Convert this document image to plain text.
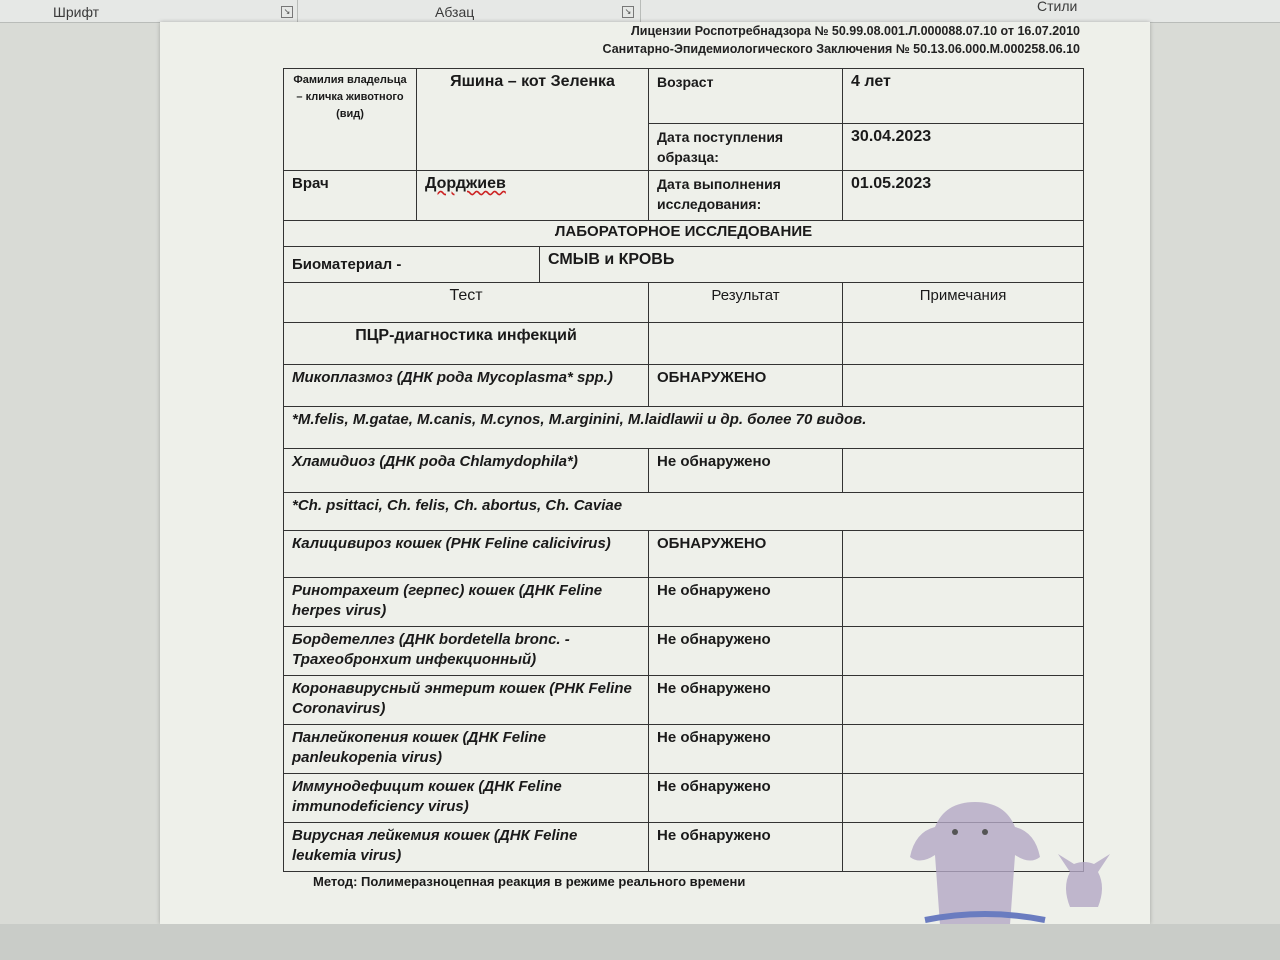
Шрифт	↘	Абзац	↘	Стили
Лицензии Роспотребнадзора № 50.99.08.001.Л.000088.07.10 от 16.07.2010
Санитарно-Эпидемиологического Заключения № 50.13.06.000.М.000258.06.10
Фамилия владельца – кличка животного (вид)	Яшина – кот Зеленка		Возраст	4 лет
			Дата поступления образца:	30.04.2023
Врач	Дорджиев		Дата выполнения исследования:	01.05.2023
ЛАБОРАТОРНОЕ ИССЛЕДОВАНИЕ				
Биоматериал -		СМЫВ и КРОВЬ		
Тест			Результат	Примечания
ПЦР-диагностика инфекций				
Микоплазмоз (ДНК рода Mycoplasma* spp.)			ОБНАРУЖЕНО	
*M.felis, M.gatae, M.canis, M.cynos, M.arginini, M.laidlawii и др. более 70 видов.				
Хламидиоз (ДНК рода Chlamydophila*)			Не обнаружено	
*Ch. psittaci, Ch. felis, Ch. abortus, Ch. Caviae				
Калицивироз кошек (РНК Feline calicivirus)			ОБНАРУЖЕНО	
Ринотрахеит (герпес) кошек (ДНК Feline herpes virus)			Не обнаружено	
Бордетеллез (ДНК bordetella bronc. - Трахеобронхит инфекционный)			Не обнаружено	
Коронавирусный энтерит кошек (РНК Feline Coronavirus)			Не обнаружено	
Панлейкопения кошек (ДНК Feline panleukopenia virus)			Не обнаружено	
Иммунодефицит кошек (ДНК Feline immunodeficiency virus)			Не обнаружено	
Вирусная лейкемия кошек (ДНК Feline leukemia virus)			Не обнаружено	
Метод: Полимеразноцепная реакция в режиме реального времени
